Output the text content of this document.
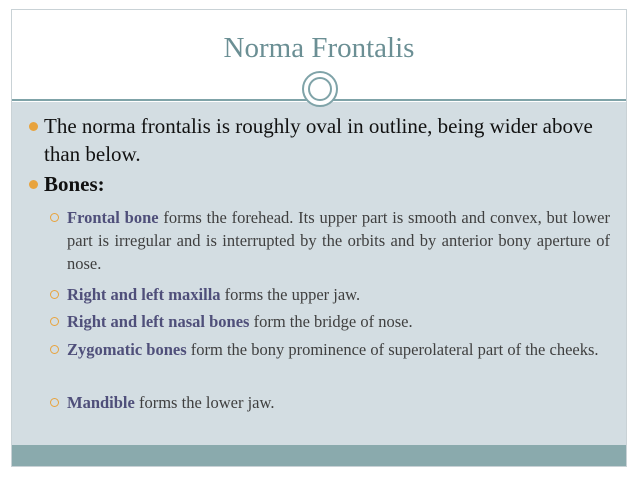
Norma Frontalis
The norma frontalis is roughly oval in outline, being wider above than below.
Bones:
Frontal bone forms the forehead. Its upper part is smooth and convex, but lower part is irregular and is interrupted by the orbits and by anterior bony aperture of nose.
Right and left maxilla forms the upper jaw.
Right and left nasal bones form the bridge of nose.
Zygomatic bones form the bony prominence of superolateral part of the cheeks.
Mandible forms the lower jaw.
